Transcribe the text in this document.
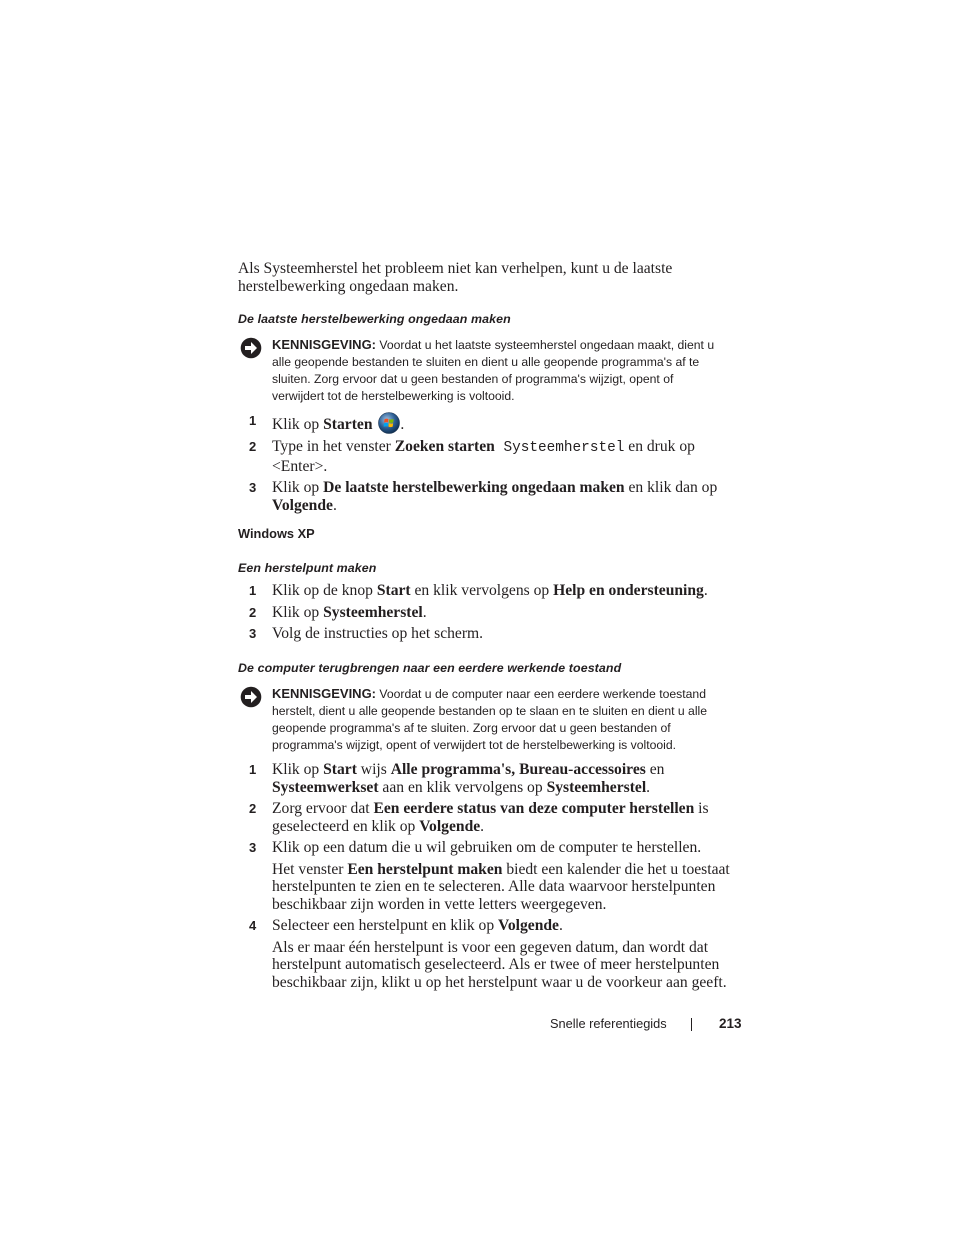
Als Systeemherstel het probleem niet kan verhelpen, kunt u de laatste
herstelbewerking ongedaan maken.

De laatste herstelbewerking ongedaan maken

KENNISGEVING: Voordat u het laatste systeemherstel ongedaan maakt, dient u
alle geopende bestanden te sluiten en dient u alle geopende programma's af te
sluiten. Zorg ervoor dat u geen bestanden of programma's wijzigt, opent of
verwijdert tot de herstelbewerking is voltooid.
1 Klik op Starten .
2 Type in het venster Zoeken starten Systeemherstel en druk op
<Enter>.
3 Klik op De laatste herstelbewerking ongedaan maken en klik dan op
Volgende.

Windows XP

Een herstelpunt maken

1 Klik op de knop Start en klik vervolgens op Help en ondersteuning.
2 Klik op Systeemherstel.
3 Volg de instructies op het scherm.

De computer terugbrengen naar een eerdere werkende toestand

KENNISGEVING: Voordat u de computer naar een eerdere werkende toestand
herstelt, dient u alle geopende bestanden op te slaan en te sluiten en dient u alle
geopende programma's af te sluiten. Zorg ervoor dat u geen bestanden of
programma's wijzigt, opent of verwijdert tot de herstelbewerking is voltooid.
1 Klik op Start wijs Alle programma's, Bureau-accessoires en
Systeemwerkset aan en klik vervolgens op Systeemherstel.
2 Zorg ervoor dat Een eerdere status van deze computer herstellen is
geselecteerd en klik op Volgende.
3 Klik op een datum die u wil gebruiken om de computer te herstellen.

Het venster Een herstelpunt maken biedt een kalender die het u toestaat
herstelpunten te zien en te selecteren. Alle data waarvoor herstelpunten
beschikbaar zijn worden in vette letters weergegeven.

4 Selecteer een herstelpunt en klik op Volgende.

Als er maar één herstelpunt is voor een gegeven datum, dan wordt dat
herstelpunt automatisch geselecteerd. Als er twee of meer herstelpunten
beschikbaar zijn, klikt u op het herstelpunt waar u de voorkeur aan geeft.

Snelle referentiegids	213
